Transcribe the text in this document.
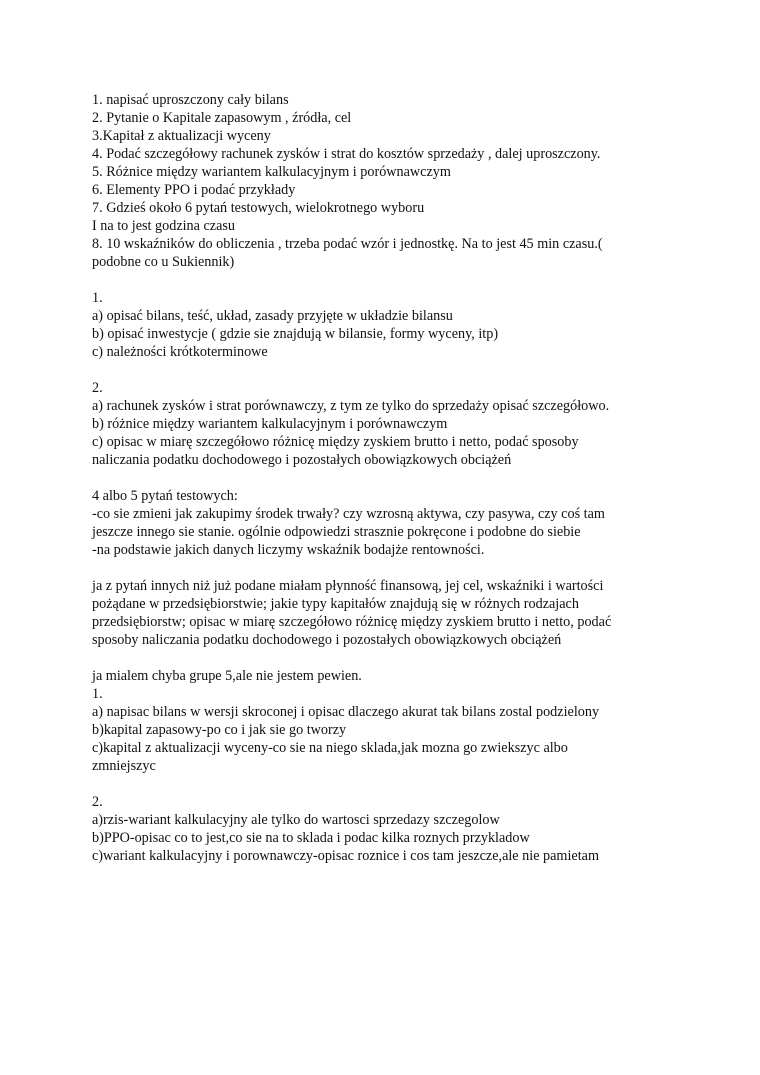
1. napisać uproszczony cały bilans
2. Pytanie o Kapitale zapasowym , źródła, cel
3.Kapitał z aktualizacji wyceny
4. Podać szczegółowy rachunek zysków i strat do kosztów sprzedaży , dalej uproszczony.
5. Różnice między wariantem kalkulacyjnym i porównawczym
6. Elementy PPO i podać przykłady
7. Gdzieś około 6 pytań testowych, wielokrotnego wyboru
I na to jest godzina czasu
8. 10 wskaźników do obliczenia , trzeba podać wzór i jednostkę. Na to jest 45 min czasu.(
podobne co u Sukiennik)
1.
a) opisać bilans, teść, układ, zasady przyjęte w układzie bilansu
b) opisać inwestycje ( gdzie sie znajdują w bilansie, formy wyceny, itp)
c) należności krótkoterminowe
2.
a) rachunek zysków i strat porównawczy, z tym ze tylko do sprzedaży opisać szczegółowo.
b) różnice między wariantem kalkulacyjnym i porównawczym
c) opisac w miarę szczegółowo różnicę między zyskiem brutto i netto, podać sposoby
naliczania podatku dochodowego i pozostałych obowiązkowych obciążeń
4 albo 5 pytań testowych:
-co sie zmieni jak zakupimy środek trwały? czy wzrosną aktywa, czy pasywa, czy coś tam
jeszcze innego sie stanie. ogólnie odpowiedzi strasznie pokręcone i podobne do siebie
-na podstawie jakich danych liczymy wskaźnik bodajże rentowności.
ja z pytań innych niż już podane miałam płynność finansową, jej cel, wskaźniki i wartości
pożądane w przedsiębiorstwie; jakie typy kapitałów znajdują się w różnych rodzajach
przedsiębiorstw; opisac w miarę szczegółowo różnicę między zyskiem brutto i netto, podać
sposoby naliczania podatku dochodowego i pozostałych obowiązkowych obciążeń
ja mialem chyba grupe 5,ale nie jestem pewien.
1.
a) napisac bilans w wersji skroconej i opisac dlaczego akurat tak bilans zostal podzielony
b)kapital zapasowy-po co i jak sie go tworzy
c)kapital z aktualizacji wyceny-co sie na niego sklada,jak mozna go zwiekszyc albo
zmniejszyc
2.
a)rzis-wariant kalkulacyjny ale tylko do wartosci sprzedazy szczegolow
b)PPO-opisac co to jest,co sie na to sklada i podac kilka roznych przykladow
c)wariant kalkulacyjny i porownawczy-opisac roznice i cos tam jeszcze,ale nie pamietam
